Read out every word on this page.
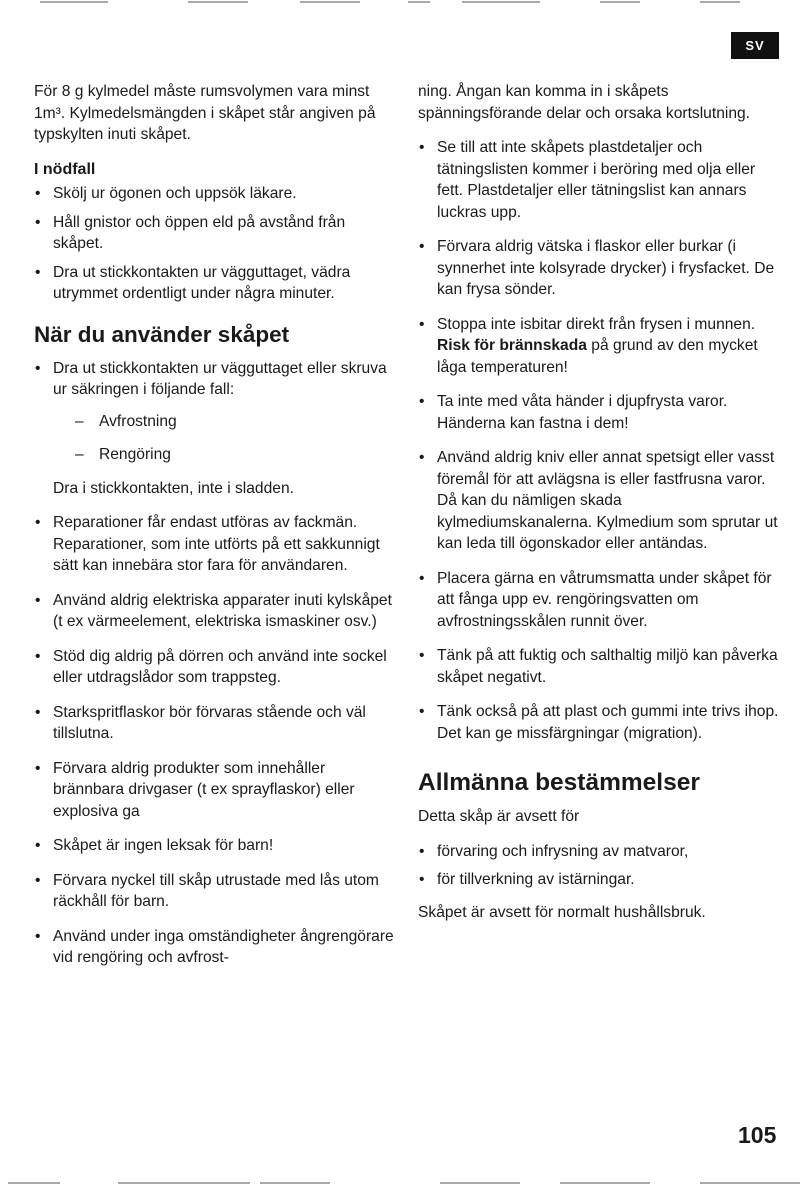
SV

För 8 g kylmedel måste rumsvolymen vara minst 1m³. Kylmedelsmängden i skåpet står angiven på typskylten inuti skåpet.

I nödfall
• Skölj ur ögonen och uppsök läkare.
• Håll gnistor och öppen eld på avstånd från skåpet.
• Dra ut stickkontakten ur vägguttaget, vädra utrymmet ordentligt under några minuter.
När du använder skåpet
• Dra ut stickkontakten ur vägguttaget eller skruva ur säkringen i följande fall:
– Avfrostning
– Rengöring

Dra i stickkontakten, inte i sladden.

• Reparationer får endast utföras av fackmän. Reparationer, som inte utförts på ett sakkunnigt sätt kan innebära stor fara för användaren.
• Använd aldrig elektriska apparater inuti kylskåpet (t ex värmeelement, elektriska ismaskiner osv.)
• Stöd dig aldrig på dörren och använd inte sockel eller utdragslådor som trappsteg.
• Starkspritflaskor bör förvaras stående och väl tillslutna.
• Förvara aldrig produkter som innehåller brännbara drivgaser (t ex sprayflaskor) eller explosiva ga
• Skåpet är ingen leksak för barn!
• Förvara nyckel till skåp utrustade med lås utom räckhåll för barn.
• Använd under inga omständigheter ångrengörare vid rengöring och avfrost-

ning. Ångan kan komma in i skåpets spänningsförande delar och orsaka kortslutning.

• Se till att inte skåpets plastdetaljer och tätningslisten kommer i beröring med olja eller fett. Plastdetaljer eller tätningslist kan annars luckras upp.
• Förvara aldrig vätska i flaskor eller burkar (i synnerhet inte kolsyrade drycker) i frysfacket. De kan frysa sönder.
• Stoppa inte isbitar direkt från frysen i munnen. Risk för brännskada på grund av den mycket låga temperaturen!
• Ta inte med våta händer i djupfrysta varor. Händerna kan fastna i dem!
• Använd aldrig kniv eller annat spetsigt eller vasst föremål för att avlägsna is eller fastfrusna varor. Då kan du nämligen skada kylmediumskanalerna. Kylmedium som sprutar ut kan leda till ögonskador eller antändas.
• Placera gärna en våtrumsmatta under skåpet för att fånga upp ev. rengöringsvatten om avfrostningsskålen runnit över.
• Tänk på att fuktig och salthaltig miljö kan påverka skåpet negativt.
• Tänk också på att plast och gummi inte trivs ihop. Det kan ge missfärgningar (migration).
Allmänna bestämmelser

Detta skåp är avsett för

• förvaring och infrysning av matvaror,
• för tillverkning av istärningar.

Skåpet är avsett för normalt hushållsbruk.

105
